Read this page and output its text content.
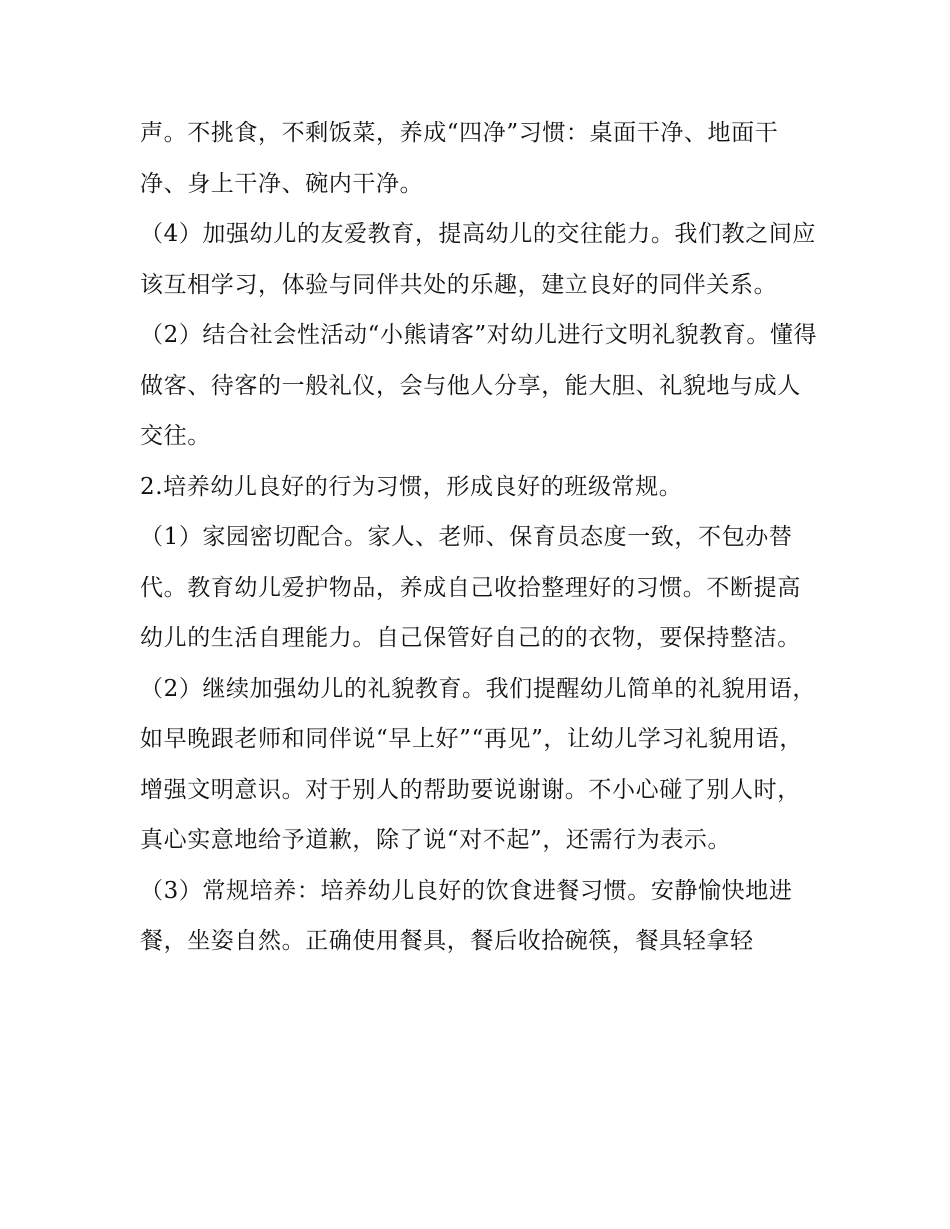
声。不挑食，不剩饭菜，养成“四净”习惯：桌面干净、地面干净、身上干净、碗内干净。

（4）加强幼儿的友爱教育，提高幼儿的交往能力。我们教之间应该互相学习，体验与同伴共处的乐趣，建立良好的同伴关系。

（2）结合社会性活动“小熊请客”对幼儿进行文明礼貌教育。懂得做客、待客的一般礼仪，会与他人分享，能大胆、礼貌地与成人交往。

2.培养幼儿良好的行为习惯，形成良好的班级常规。

（1）家园密切配合。家人、老师、保育员态度一致，不包办替代。教育幼儿爱护物品，养成自己收拾整理好的习惯。不断提高幼儿的生活自理能力。自己保管好自己的的衣物，要保持整洁。

（2）继续加强幼儿的礼貌教育。我们提醒幼儿简单的礼貌用语，如早晚跟老师和同伴说“早上好”“再见”，让幼儿学习礼貌用语，增强文明意识。对于别人的帮助要说谢谢。不小心碰了别人时，真心实意地给予道歉，除了说“对不起”，还需行为表示。

（3）常规培养：培养幼儿良好的饮食进餐习惯。安静愉快地进餐，坐姿自然。正确使用餐具，餐后收拾碗筷，餐具轻拿轻
